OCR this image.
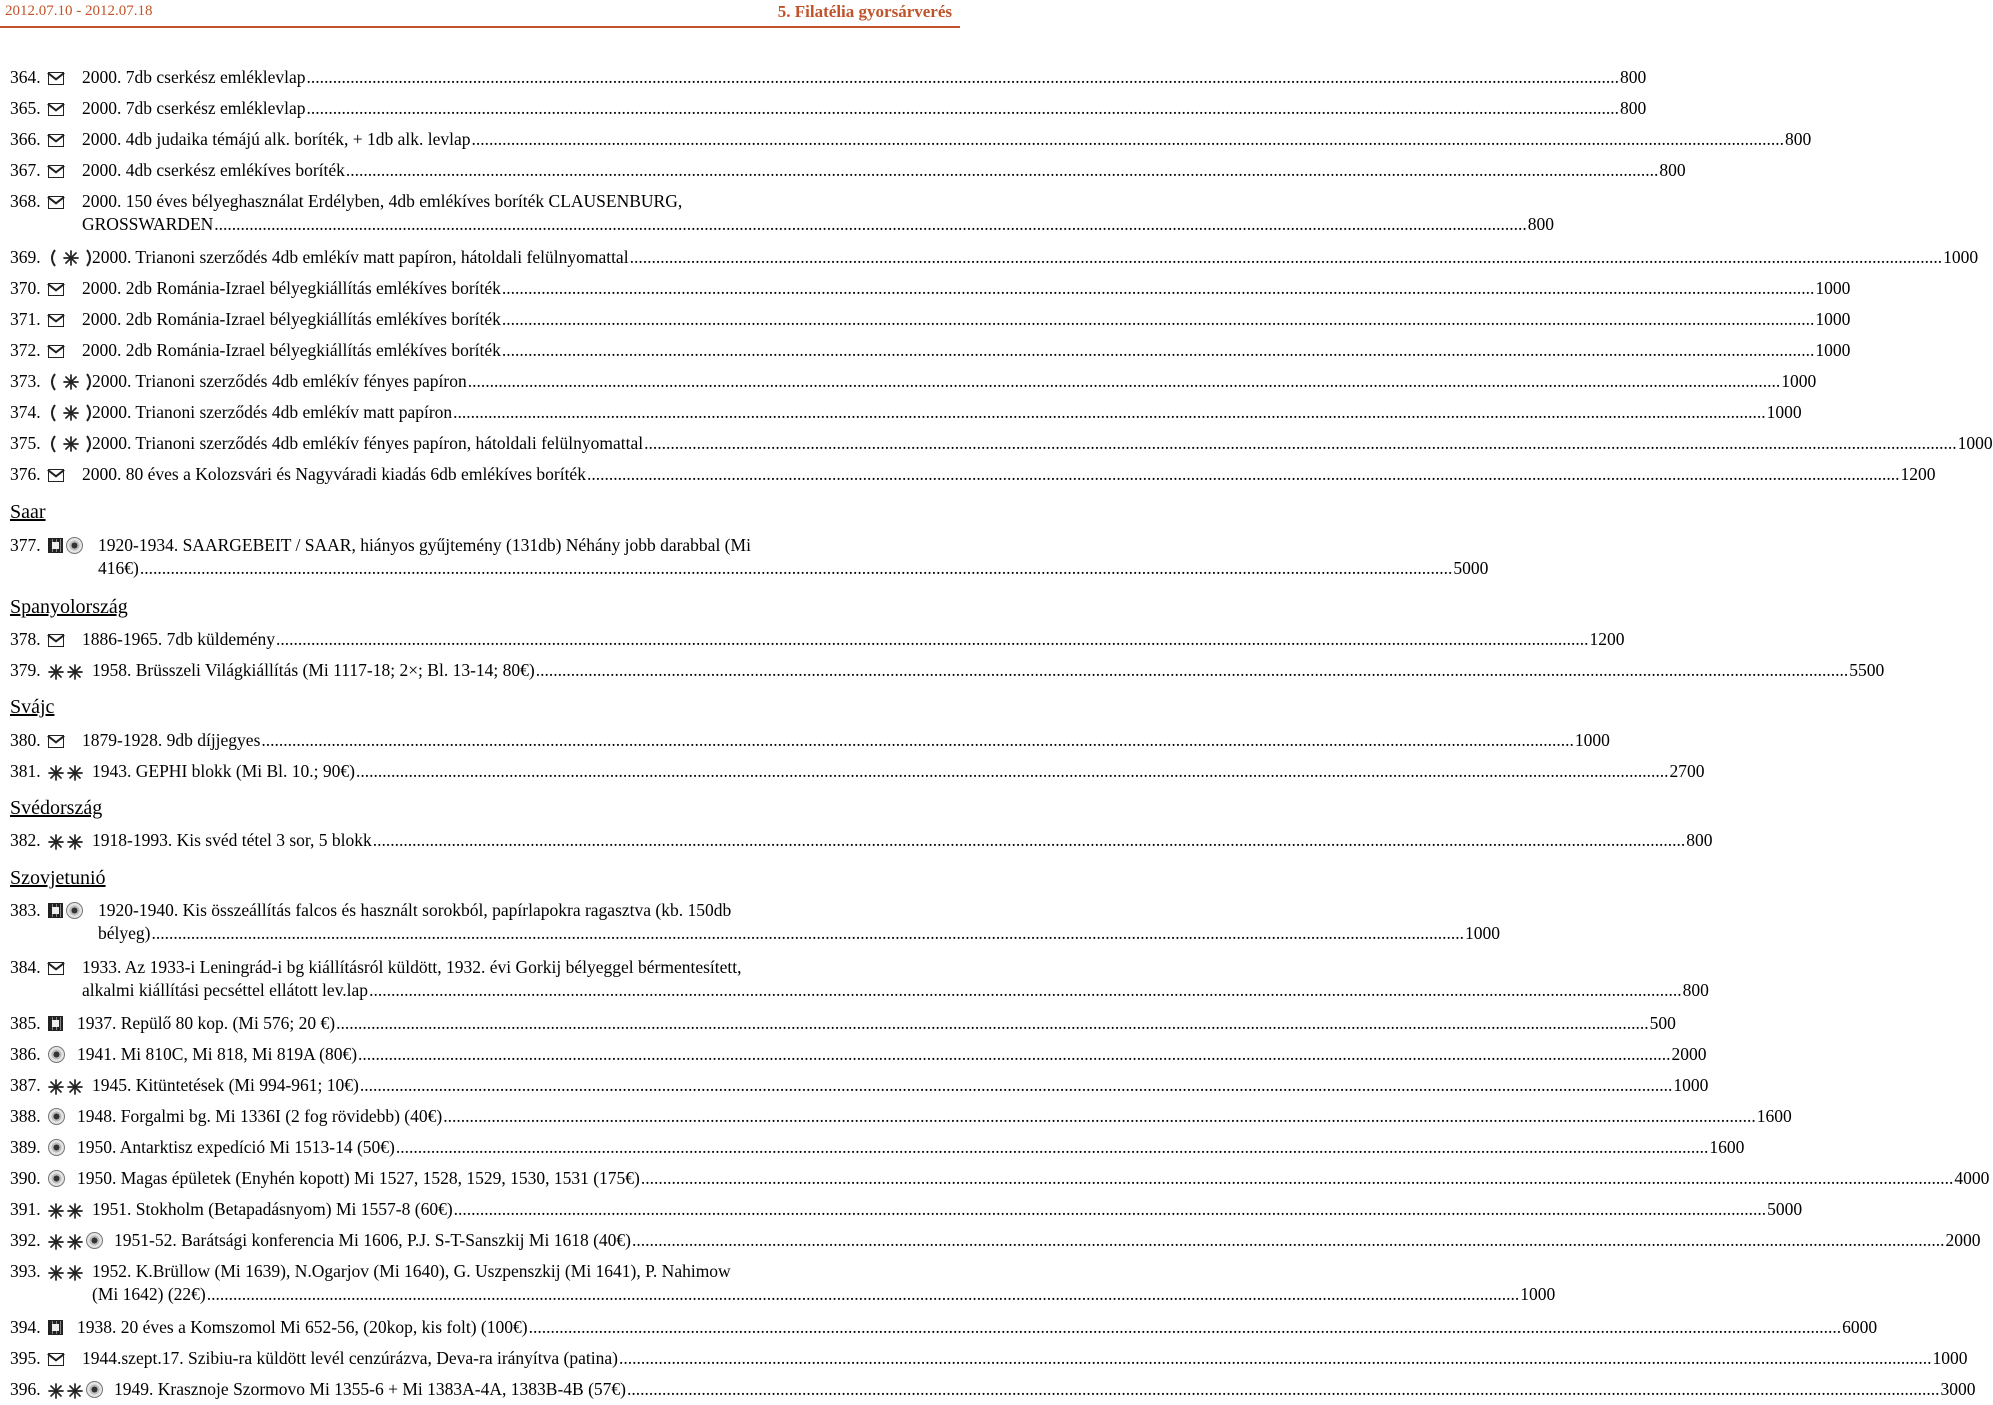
2012.07.10 - 2012.07.18	5. Filatélia gyorsárverés
364. 2000. 7db cserkész emléklevlap ............................................................................................................................................................................................................................................................................................................ 800
365. 2000. 7db cserkész emléklevlap ............................................................................................................................................................................................................................................................................................................ 800
366. 2000. 4db judaika témájú alk. boríték, + 1db alk. levlap ............................................................................................................................................................................................................................................................................................................ 800
367. 2000. 4db cserkész emlékíves boríték ............................................................................................................................................................................................................................................................................................................ 800
368. 2000. 150 éves bélyeghasználat Erdélyben, 4db emlékíves boríték CLAUSENBURG,
GROSSWARDEN ............................................................................................................................................................................................................................................................................................................ 800
369.	2000. Trianoni szerződés 4db emlékív matt papíron, hátoldali felülnyomattal ............................................................................................................................................................................................................................................................................................................ 1000
370. 2000. 2db Románia-Izrael bélyegkiállítás emlékíves boríték ............................................................................................................................................................................................................................................................................................................ 1000
371. 2000. 2db Románia-Izrael bélyegkiállítás emlékíves boríték ............................................................................................................................................................................................................................................................................................................ 1000
372. 2000. 2db Románia-Izrael bélyegkiállítás emlékíves boríték ............................................................................................................................................................................................................................................................................................................ 1000
373.	2000. Trianoni szerződés 4db emlékív fényes papíron ............................................................................................................................................................................................................................................................................................................ 1000
374.	2000. Trianoni szerződés 4db emlékív matt papíron ............................................................................................................................................................................................................................................................................................................ 1000
375.	2000. Trianoni szerződés 4db emlékív fényes papíron, hátoldali felülnyomattal ............................................................................................................................................................................................................................................................................................................ 1000
376. 2000. 80 éves a Kolozsvári és Nagyváradi kiadás 6db emlékíves boríték ............................................................................................................................................................................................................................................................................................................ 1200
Saar
377.	1920-1934. SAARGEBEIT / SAAR, hiányos gyűjtemény (131db) Néhány jobb darabbal (Mi
416€) ............................................................................................................................................................................................................................................................................................................ 5000
Spanyolország
378. 1886-1965. 7db küldemény ............................................................................................................................................................................................................................................................................................................ 1200
379.	1958. Brüsszeli Világkiállítás (Mi 1117-18; 2×; Bl. 13-14; 80€) ............................................................................................................................................................................................................................................................................................................ 5500
Svájc
380. 1879-1928. 9db díjjegyes ............................................................................................................................................................................................................................................................................................................ 1000
381.	1943. GEPHI blokk (Mi Bl. 10.; 90€) ............................................................................................................................................................................................................................................................................................................ 2700
Svédország
382.	1918-1993. Kis svéd tétel 3 sor, 5 blokk ............................................................................................................................................................................................................................................................................................................ 800
Szovjetunió
383.	1920-1940. Kis összeállítás falcos és használt sorokból, papírlapokra ragasztva (kb. 150db
bélyeg) ............................................................................................................................................................................................................................................................................................................ 1000
384. 1933. Az 1933-i Leningrád-i bg kiállításról küldött, 1932. évi Gorkij bélyeggel bérmentesített,
alkalmi kiállítási pecséttel ellátott lev.lap ............................................................................................................................................................................................................................................................................................................ 800
385. 1937. Repülő 80 kop. (Mi 576; 20 €) ............................................................................................................................................................................................................................................................................................................ 500
386. 1941. Mi 810C, Mi 818, Mi 819A (80€) ............................................................................................................................................................................................................................................................................................................ 2000
387.	1945. Kitüntetések (Mi 994-961; 10€) ............................................................................................................................................................................................................................................................................................................ 1000
388. 1948. Forgalmi bg. Mi 1336I (2 fog rövidebb) (40€) ............................................................................................................................................................................................................................................................................................................ 1600
389. 1950. Antarktisz expedíció Mi 1513-14 (50€) ............................................................................................................................................................................................................................................................................................................ 1600
390. 1950. Magas épületek (Enyhén kopott) Mi 1527, 1528, 1529, 1530, 1531 (175€) ............................................................................................................................................................................................................................................................................................................ 4000
391.	1951. Stokholm (Betapadásnyom) Mi 1557-8 (60€) ............................................................................................................................................................................................................................................................................................................ 5000
392.	1951-52. Barátsági konferencia Mi 1606, P.J. S-T-Sanszkij Mi 1618 (40€) ............................................................................................................................................................................................................................................................................................................ 2000
393.	1952. K.Brüllow (Mi 1639), N.Ogarjov (Mi 1640), G. Uszpenszkij (Mi 1641), P. Nahimow
(Mi 1642) (22€) ............................................................................................................................................................................................................................................................................................................ 1000
394. 1938. 20 éves a Komszomol Mi 652-56, (20kop, kis folt) (100€) ............................................................................................................................................................................................................................................................................................................ 6000
395. 1944.szept.17. Szibiu-ra küldött levél cenzúrázva, Deva-ra irányítva (patina) ............................................................................................................................................................................................................................................................................................................ 1000
396.	1949. Krasznoje Szormovo Mi 1355-6 + Mi 1383A-4A, 1383B-4B (57€) ............................................................................................................................................................................................................................................................................................................ 3000
